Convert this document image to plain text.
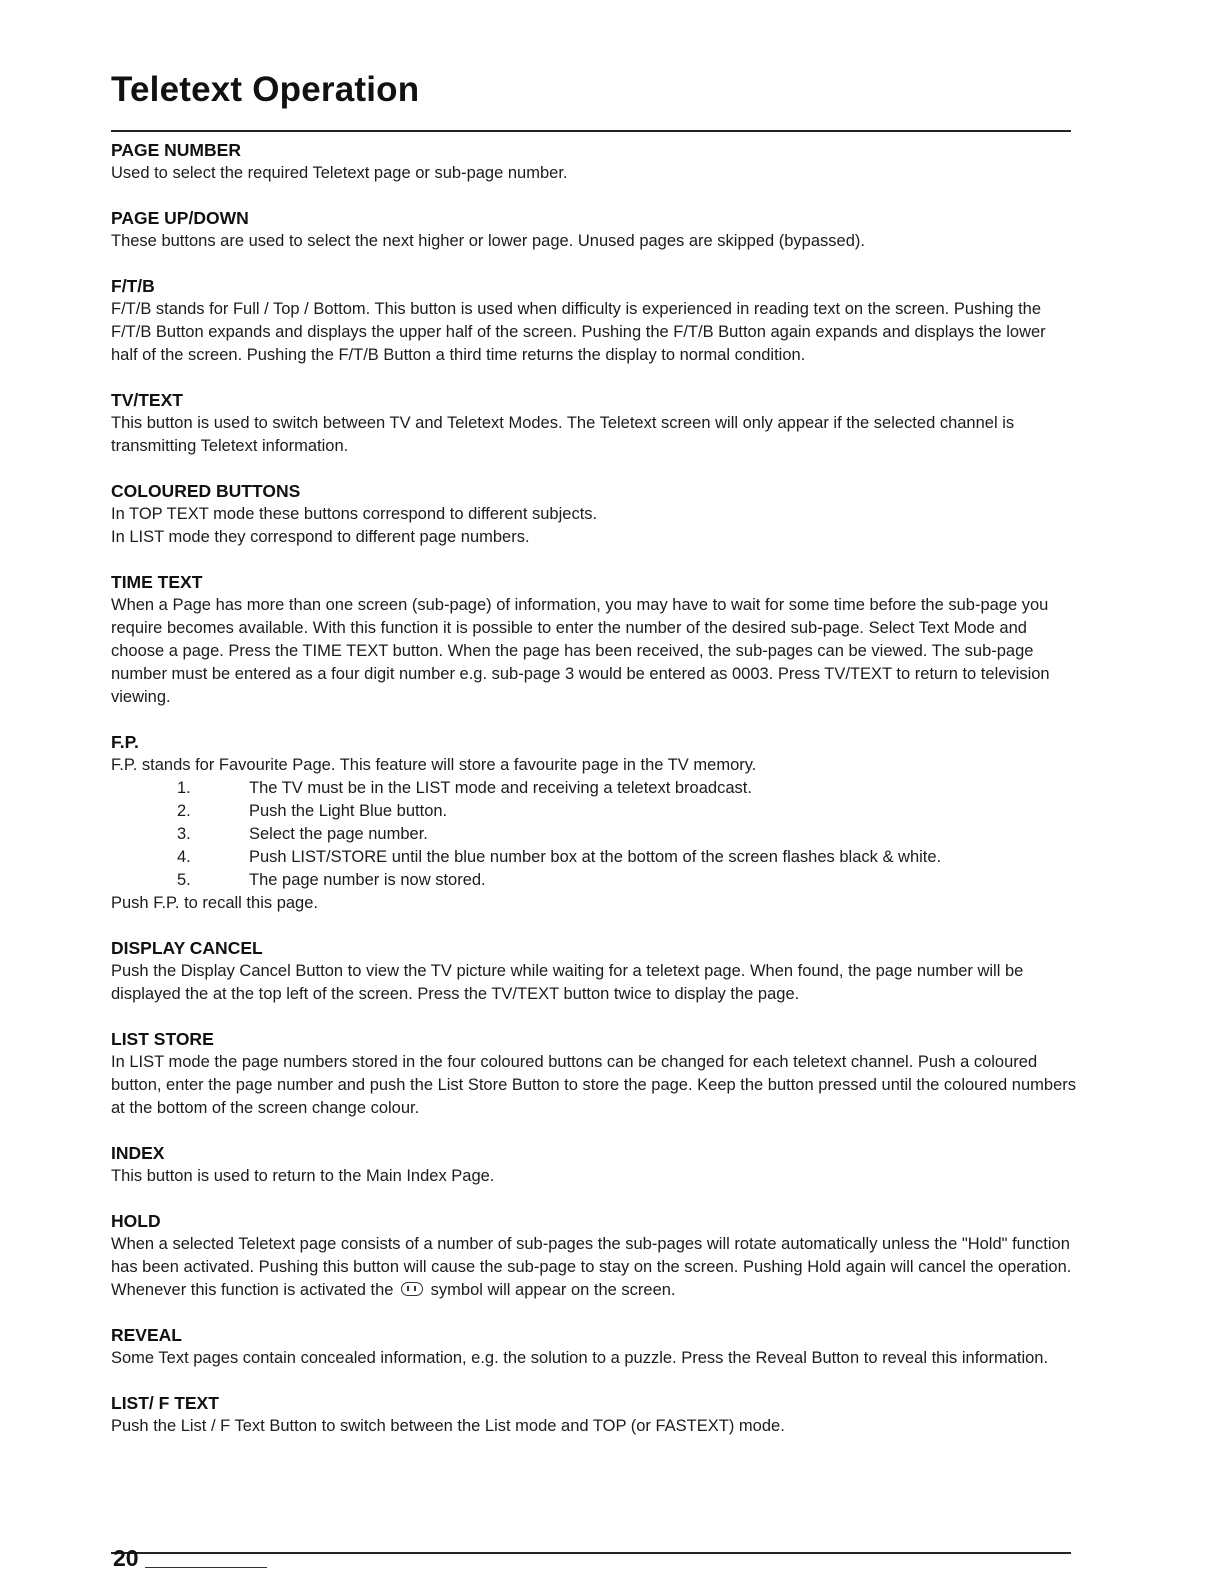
Teletext Operation

PAGE NUMBER

Used to select the required Teletext page or sub-page number.

PAGE UP/DOWN

These buttons are used to select the next higher or lower page. Unused pages are skipped (bypassed).

F/T/B

F/T/B stands for Full / Top / Bottom. This button is used when difficulty is experienced in reading text on the screen. Pushing the F/T/B Button expands and displays the upper half of the screen. Pushing the F/T/B Button again expands and displays the lower half of the screen. Pushing the F/T/B Button a third time returns the display to normal condition.

TV/TEXT

This button is used to switch between TV and Teletext Modes. The Teletext screen will only appear if the selected channel is transmitting Teletext information.

COLOURED BUTTONS

In TOP TEXT mode these buttons correspond to different subjects.

In LIST mode they correspond to different page numbers.

TIME TEXT

When a Page has more than one screen (sub-page) of information, you may have to wait for some time before the sub-page you require becomes available. With this function it is possible to enter the number of the desired sub-page. Select Text Mode and choose a page. Press the TIME TEXT button. When the page has been received, the sub-pages can be viewed. The sub-page number must be entered as a four digit number e.g. sub-page 3 would be entered as 0003. Press TV/TEXT to return to television viewing.

F.P.

F.P. stands for Favourite Page. This feature will store a favourite page in the TV memory.

1.	The TV must be in the LIST mode and receiving a teletext broadcast.
2.	Push the Light Blue button.
3.	Select the page number.
4.	Push LIST/STORE until the blue number box at the bottom of the screen flashes black & white.
5.	The page number is now stored.

Push F.P. to recall this page.

DISPLAY CANCEL

Push the Display Cancel Button to view the TV picture while waiting for a teletext page. When found, the page number will be displayed the at the top left of the screen. Press the TV/TEXT button twice to display the page.

LIST STORE

In LIST mode the page numbers stored in the four coloured buttons can be changed for each teletext channel. Push a coloured button, enter the page number and push the List Store Button to store the page. Keep the button pressed until the coloured numbers at the bottom of the screen change colour.

INDEX

This button is used to return to the Main Index Page.

HOLD

When a selected Teletext page consists of a number of sub-pages the sub-pages will rotate automatically unless the "Hold" function has been activated. Pushing this button will cause the sub-page to stay on the screen. Pushing Hold again will cancel the operation. Whenever this function is activated the symbol will appear on the screen.

REVEAL

Some Text pages contain concealed information, e.g. the solution to a puzzle. Press the Reveal Button to reveal this information.

LIST/ F TEXT

Push the List / F Text Button to switch between the List mode and TOP (or FASTEXT) mode.

20
